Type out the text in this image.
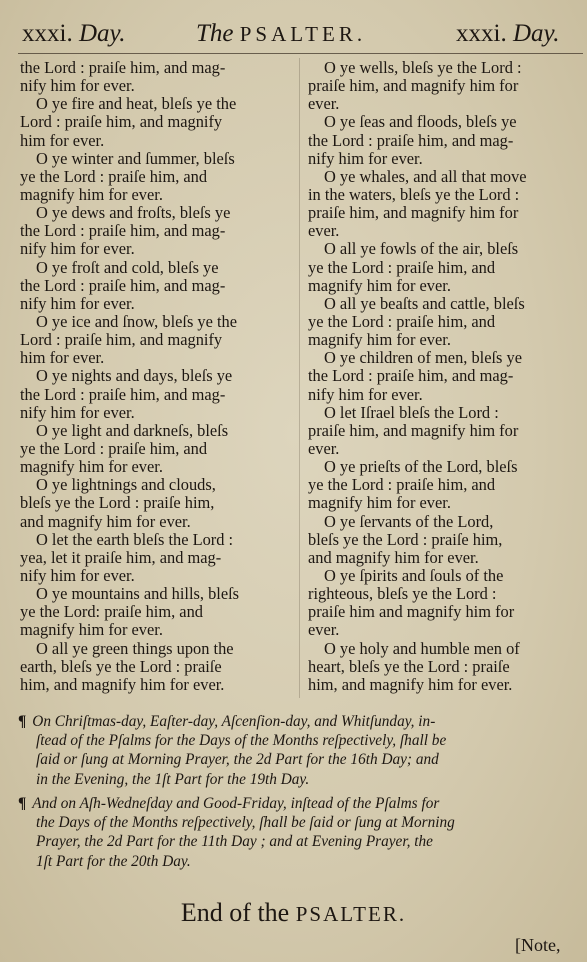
xxxi. Day.	The PSALTER.	xxxi. Day.
the Lord : praiſe him, and mag-
nify him for ever.
O ye fire and heat, bleſs ye the
Lord : praiſe him, and magnify
him for ever.
O ye winter and ſummer, bleſs
ye the Lord : praiſe him, and
magnify him for ever.
O ye dews and froſts, bleſs ye
the Lord : praiſe him, and mag-
nify him for ever.
O ye froſt and cold, bleſs ye
the Lord : praiſe him, and mag-
nify him for ever.
O ye ice and ſnow, bleſs ye the
Lord : praiſe him, and magnify
him for ever.
O ye nights and days, bleſs ye
the Lord : praiſe him, and mag-
nify him for ever.
O ye light and darkneſs, bleſs
ye the Lord : praiſe him, and
magnify him for ever.
O ye lightnings and clouds,
bleſs ye the Lord : praiſe him,
and magnify him for ever.
O let the earth bleſs the Lord :
yea, let it praiſe him, and mag-
nify him for ever.
O ye mountains and hills, bleſs
ye the Lord: praiſe him, and
magnify him for ever.
O all ye green things upon the
earth, bleſs ye the Lord : praiſe
him, and magnify him for ever.
O ye wells, bleſs ye the Lord :
praiſe him, and magnify him for
ever.
O ye ſeas and floods, bleſs ye
the Lord : praiſe him, and mag-
nify him for ever.
O ye whales, and all that move
in the waters, bleſs ye the Lord :
praiſe him, and magnify him for
ever.
O all ye fowls of the air, bleſs
ye the Lord : praiſe him, and
magnify him for ever.
O all ye beaſts and cattle, bleſs
ye the Lord : praiſe him, and
magnify him for ever.
O ye children of men, bleſs ye
the Lord : praiſe him, and mag-
nify him for ever.
O let Iſrael bleſs the Lord :
praiſe him, and magnify him for
ever.
O ye prieſts of the Lord, bleſs
ye the Lord : praiſe him, and
magnify him for ever.
O ye ſervants of the Lord,
bleſs ye the Lord : praiſe him,
and magnify him for ever.
O ye ſpirits and ſouls of the
righteous, bleſs ye the Lord :
praiſe him and magnify him for
ever.
O ye holy and humble men of
heart, bleſs ye the Lord : praiſe
him, and magnify him for ever.
¶ On Chriſtmas-day, Eaſter-day, Aſcenſion-day, and Whitſunday, in-
ſtead of the Pſalms for the Days of the Months reſpectively, ſhall be
ſaid or ſung at Morning Prayer, the 2d Part for the 16th Day; and
in the Evening, the 1ſt Part for the 19th Day.
¶ And on Aſh-Wedneſday and Good-Friday, inſtead of the Pſalms for
the Days of the Months reſpectively, ſhall be ſaid or ſung at Morning
Prayer, the 2d Part for the 11th Day ; and at Evening Prayer, the
1ſt Part for the 20th Day.
End of the PSALTER.
[Note,
